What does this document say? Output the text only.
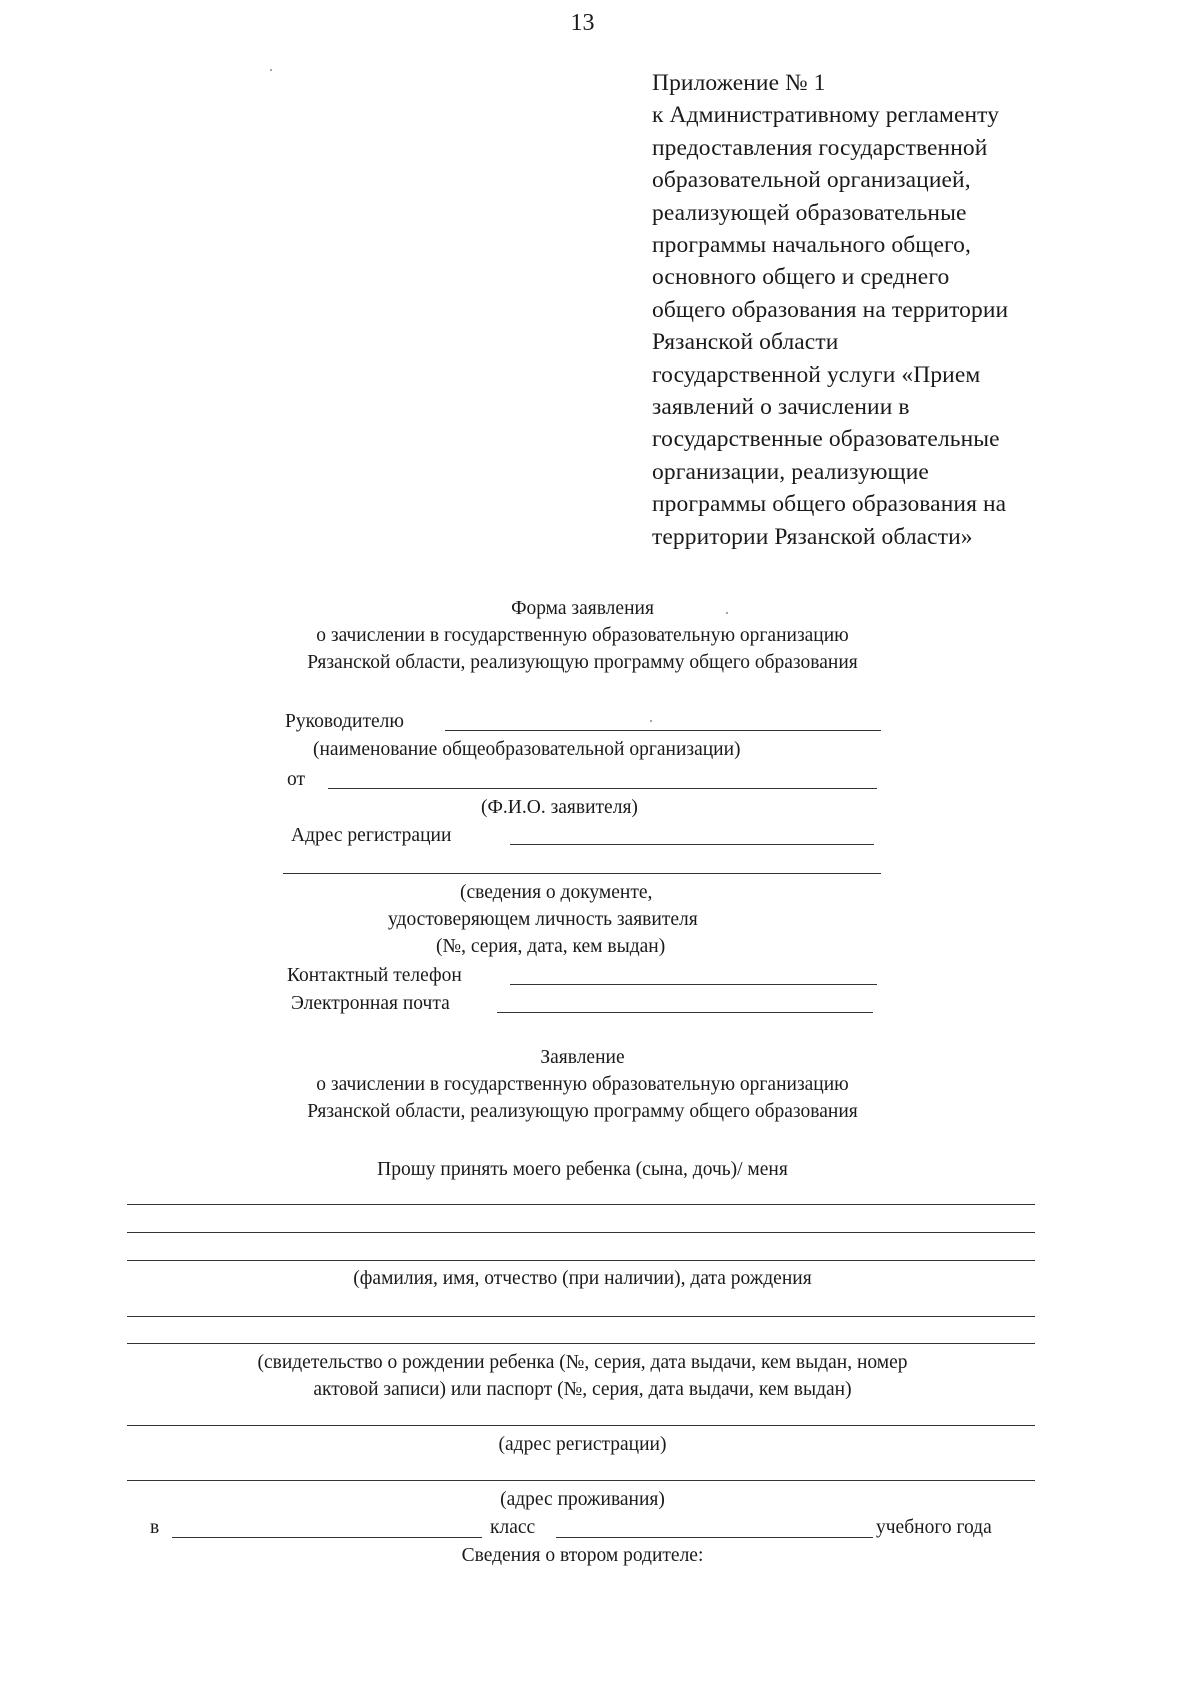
13
Приложение № 1
к Административному регламенту
предоставления государственной
образовательной организацией,
реализующей образовательные
программы начального общего,
основного общего и среднего
общего образования на территории
Рязанской области
государственной услуги «Прием
заявлений о зачислении в
государственные образовательные
организации, реализующие
программы общего образования на
территории Рязанской области»
Форма заявления
о зачислении в государственную образовательную организацию
Рязанской области, реализующую программу общего образования
Руководителю
(наименование общеобразовательной организации)
от
(Ф.И.О. заявителя)
Адрес регистрации
(сведения о документе,
удостоверяющем личность заявителя
(№, серия, дата, кем выдан)
Контактный телефон
Электронная почта
Заявление
о зачислении в государственную образовательную организацию
Рязанской области, реализующую программу общего образования
Прошу принять моего ребенка (сына, дочь)/ меня
(фамилия, имя, отчество (при наличии), дата рождения
(свидетельство о рождении ребенка (№, серия, дата выдачи, кем выдан, номер
актовой записи) или паспорт (№, серия, дата выдачи, кем выдан)
(адрес регистрации)
(адрес проживания)
в	класс	учебного года
Сведения о втором родителе:
